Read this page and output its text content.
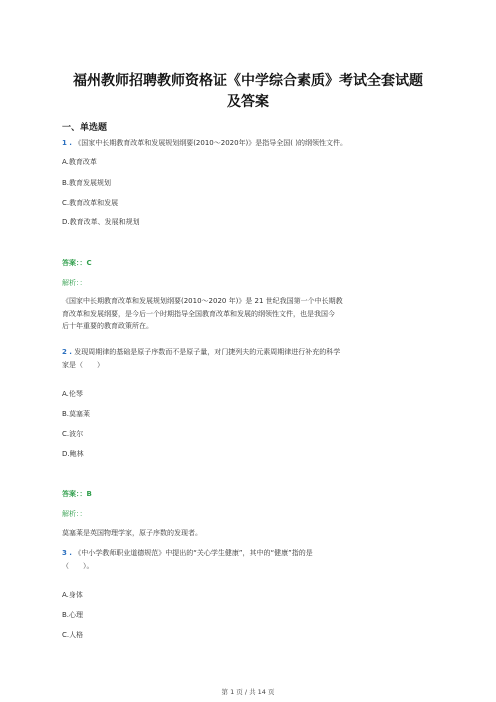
福州教师招聘教师资格证《中学综合素质》考试全套试题
及答案
一、单选题
1 . 《国家中长期教育改革和发展规划纲要(2010～2020年)》是指导全国( )的纲领性文件。
A.教育改革
B.教育发展规划
C.教育改革和发展
D.教育改革、发展和规划
答案：：C
解析：：
《国家中长期教育改革和发展规划纲要(2010～2020 年)》是 21 世纪我国第一个中长期教
育改革和发展纲要，是今后一个时期指导全国教育改革和发展的纲领性文件，也是我国今
后十年重要的教育政策所在。
2 . 发现周期律的基础是原子序数而不是原子量，对门捷列夫的元素周期律进行补充的科学
家是（　　）
A.伦琴
B.莫塞莱
C.波尔
D.鲍林
答案：：B
解析：：
莫塞莱是英国物理学家，原子序数的发现者。
3 . 《中小学教师职业道德规范》中提出的“关心学生健康”，其中的“健康”指的是
（　　）。
A.身体
B.心理
C.人格
第 1 页 / 共 14 页
